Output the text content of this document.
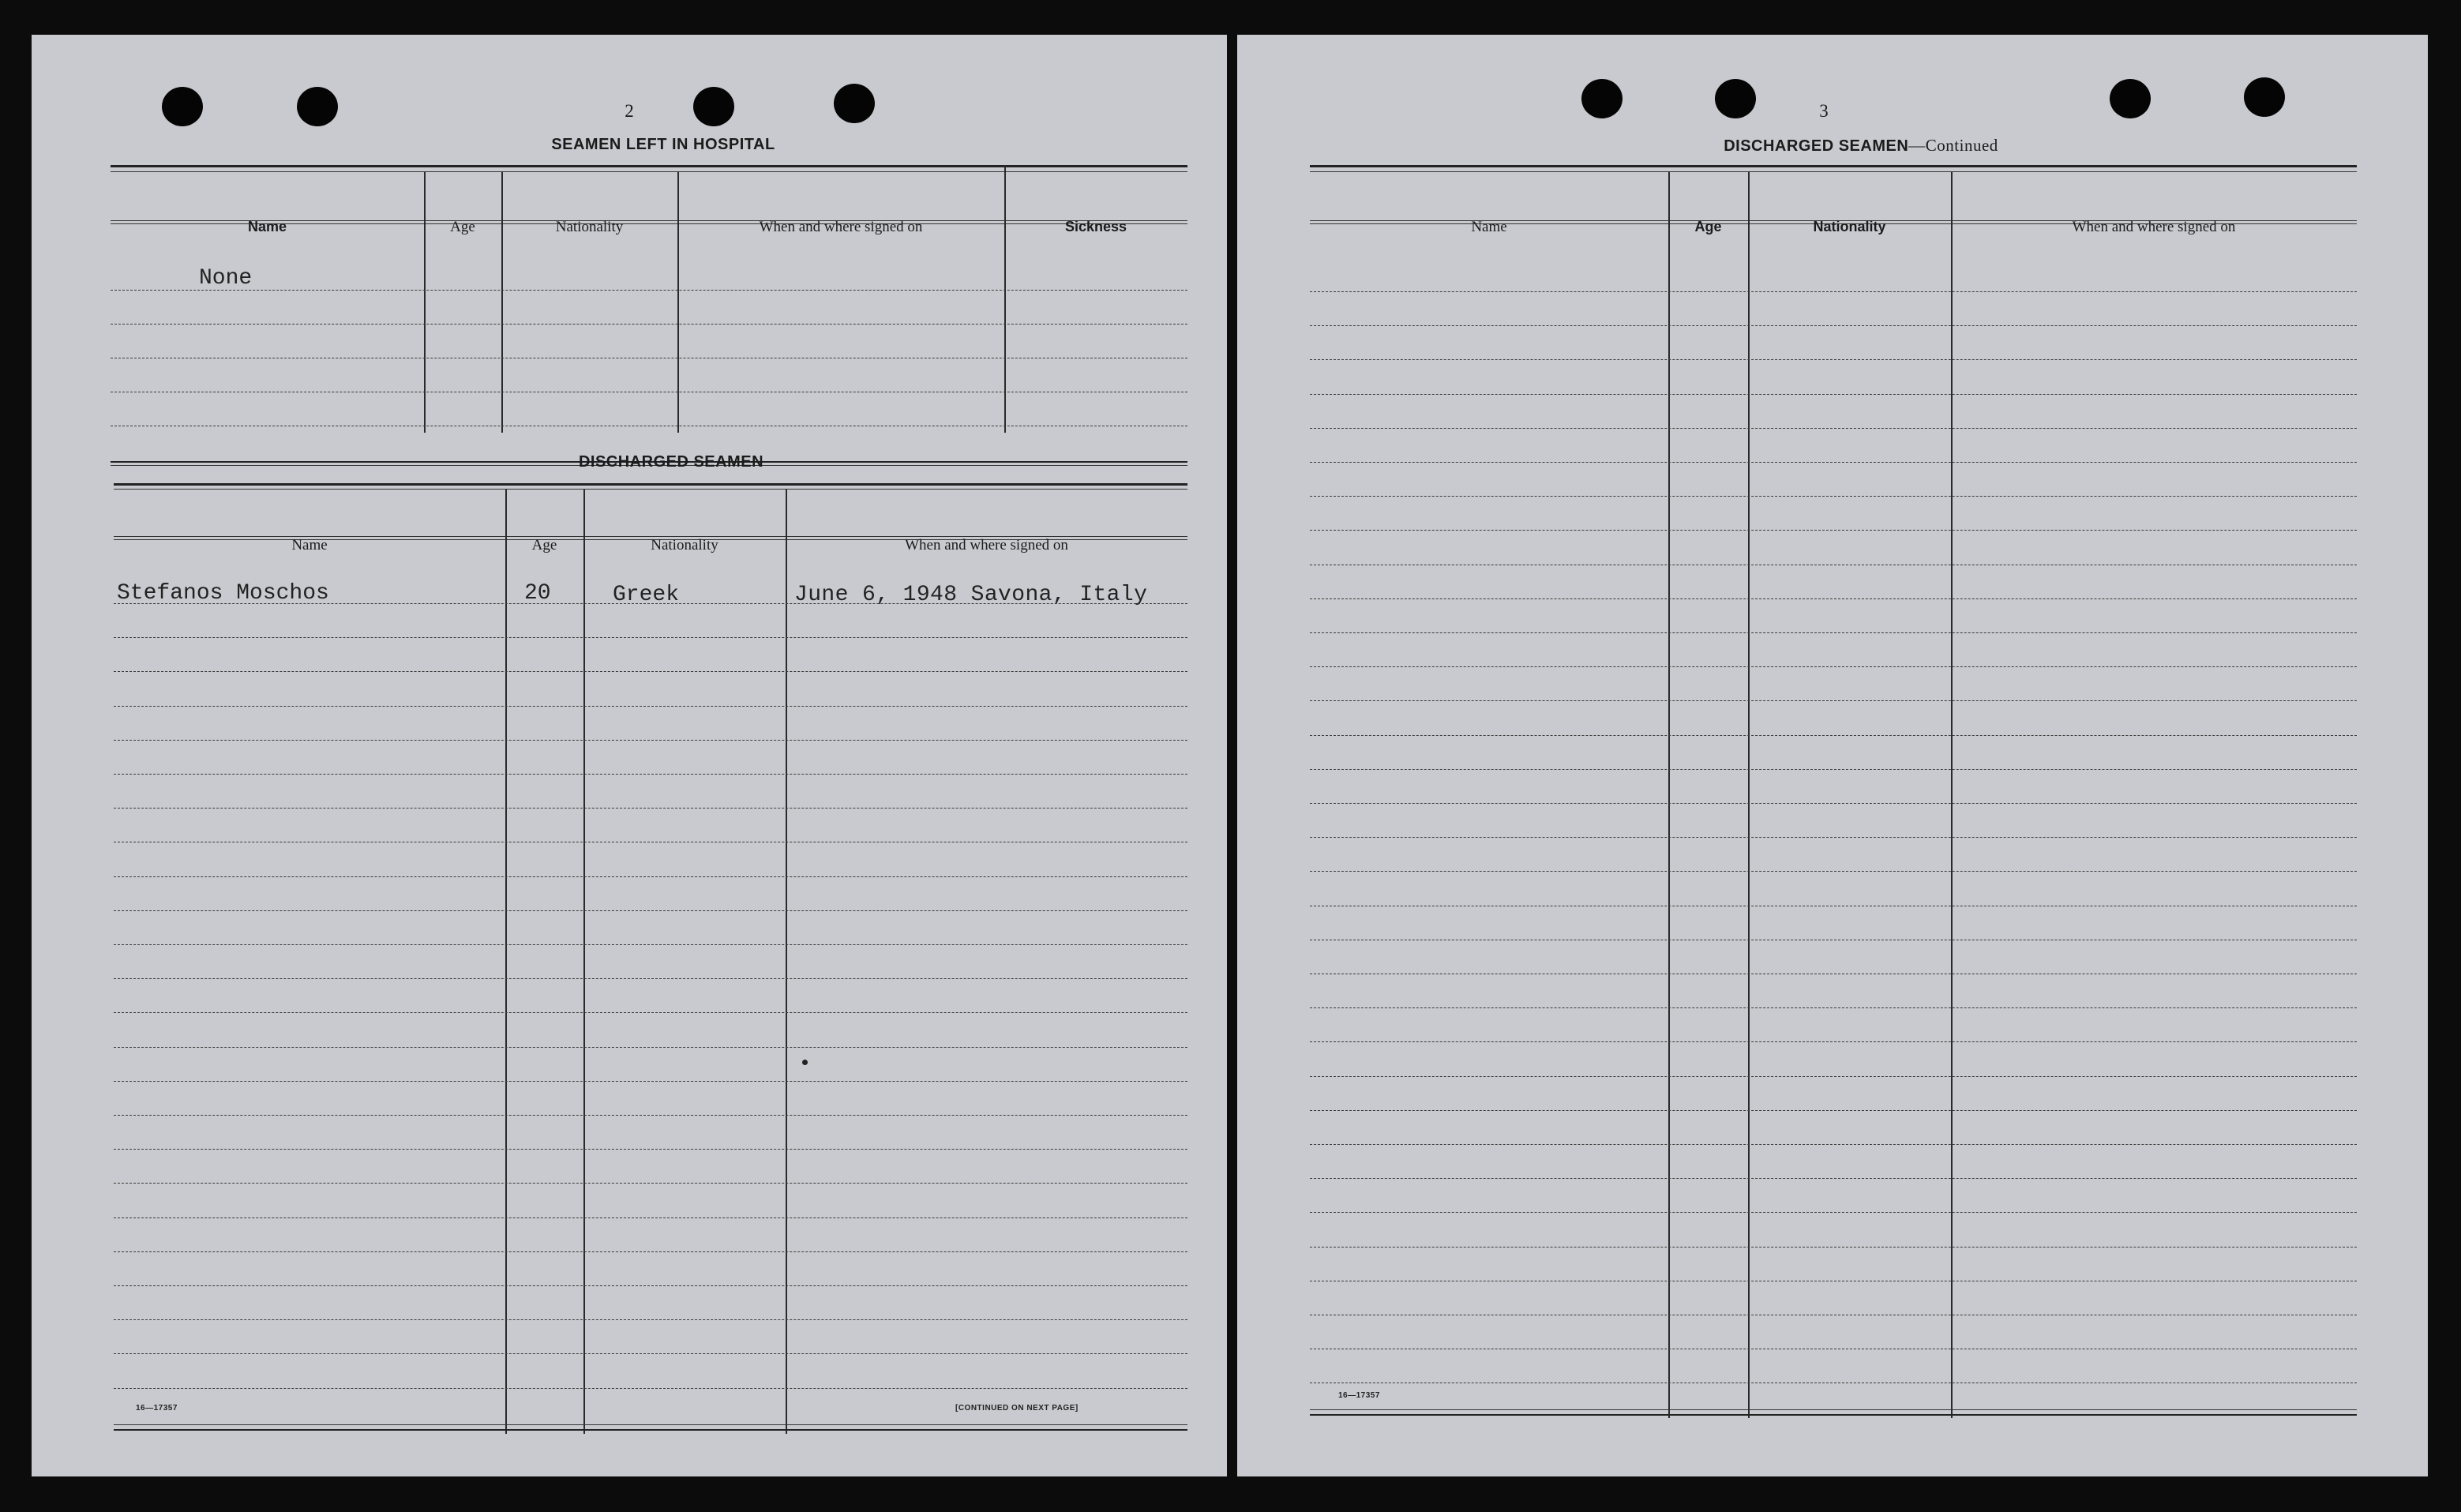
2
SEAMEN LEFT IN HOSPITAL
Name	Age	Nationality	When and where signed on	Sickness
None
DISCHARGED SEAMEN
Name	Age	Nationality	When and where signed on
Stefanos Moschos	20	Greek	June 6, 1948 Savona, Italy
16—17357	[CONTINUED ON NEXT PAGE]
3
DISCHARGED SEAMEN—Continued
Name	Age	Nationality	When and where signed on
16—17357
